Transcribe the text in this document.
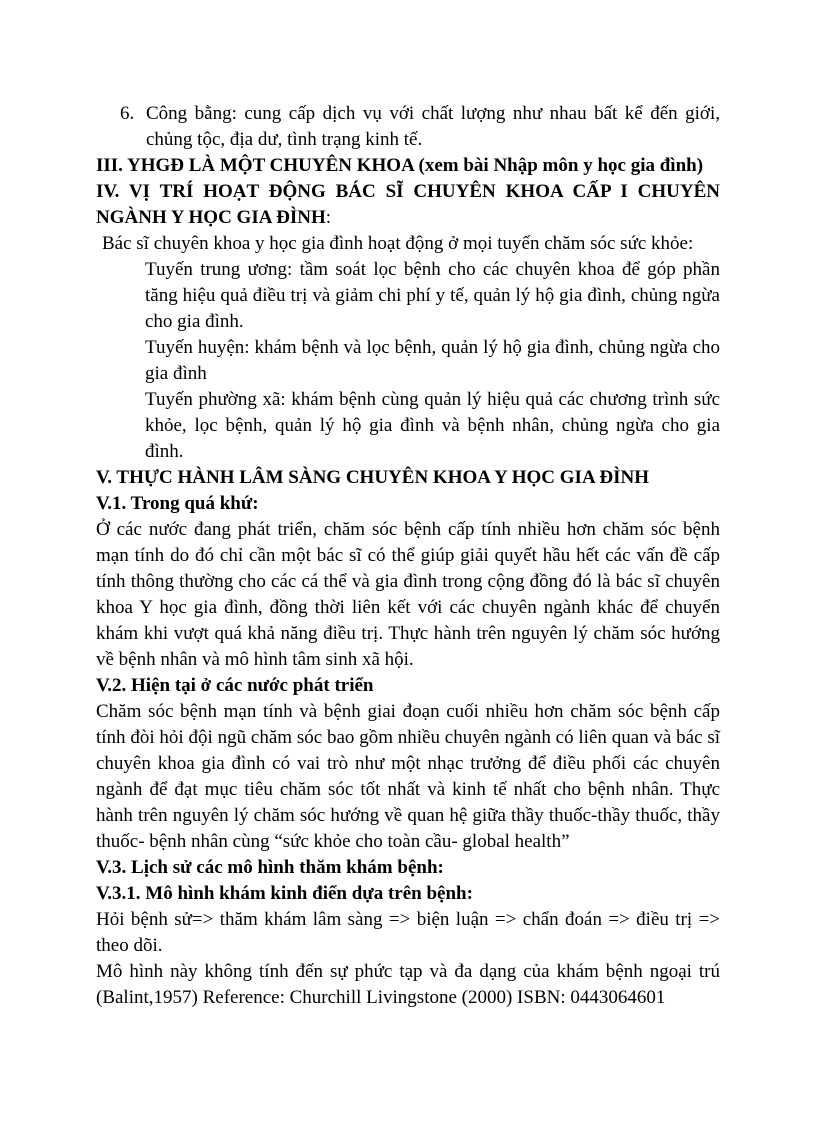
6. Công bằng: cung cấp dịch vụ với chất lượng như nhau bất kể đến giới, chủng tộc, địa dư, tình trạng kinh tế.

III. YHGĐ LÀ MỘT CHUYÊN KHOA (xem bài Nhập môn y học gia đình)

IV. VỊ TRÍ HOẠT ĐỘNG BÁC SĨ CHUYÊN KHOA CẤP I CHUYÊN

NGÀNH Y HỌC GIA ĐÌNH:

Bác sĩ chuyên khoa y học gia đình hoạt động ở mọi tuyến chăm sóc sức khỏe:

Tuyến trung ương: tầm soát lọc bệnh cho các chuyên khoa để góp phần tăng hiệu quả điều trị và giảm chi phí y tế, quản lý hộ gia đình, chủng ngừa cho gia đình.

Tuyến huyện: khám bệnh và lọc bệnh, quản lý hộ gia đình, chủng ngừa cho gia đình

Tuyến phường xã: khám bệnh cùng quản lý hiệu quả các chương trình sức khỏe, lọc bệnh, quản lý hộ gia đình và bệnh nhân, chủng ngừa cho gia đình.

V. THỰC HÀNH LÂM SÀNG CHUYÊN KHOA Y HỌC GIA ĐÌNH

V.1. Trong quá khứ:

Ở các nước đang phát triển, chăm sóc bệnh cấp tính nhiều hơn chăm sóc bệnh mạn tính do đó chỉ cần một bác sĩ có thể giúp giải quyết hầu hết các vấn đề cấp tính thông thường cho các cá thể và gia đình trong cộng đồng đó là bác sĩ chuyên khoa Y học gia đình, đồng thời liên kết với các chuyên ngành khác để chuyển khám khi vượt quá khả năng điều trị. Thực hành trên nguyên lý chăm sóc hướng về bệnh nhân và mô hình tâm sinh xã hội.

V.2. Hiện tại ở các nước phát triển

Chăm sóc bệnh mạn tính và bệnh giai đoạn cuối nhiều hơn chăm sóc bệnh cấp tính đòi hỏi đội ngũ chăm sóc bao gồm nhiều chuyên ngành có liên quan và bác sĩ chuyên khoa gia đình có vai trò như một nhạc trưởng để điều phối các chuyên ngành để đạt mục tiêu chăm sóc tốt nhất và kinh tế nhất cho bệnh nhân. Thực hành trên nguyên lý chăm sóc hướng về quan hệ giữa thầy thuốc-thầy thuốc, thầy thuốc- bệnh nhân cùng “sức khỏe cho toàn cầu- global health”

V.3. Lịch sử các mô hình thăm khám bệnh:

V.3.1. Mô hình khám kinh điển dựa trên bệnh:

Hỏi bệnh sử=> thăm khám lâm sàng => biện luận => chẩn đoán => điều trị => theo dõi.

Mô hình này không tính đến sự phức tạp và đa dạng của khám bệnh ngoại trú (Balint,1957) Reference: Churchill Livingstone (2000) ISBN: 0443064601
